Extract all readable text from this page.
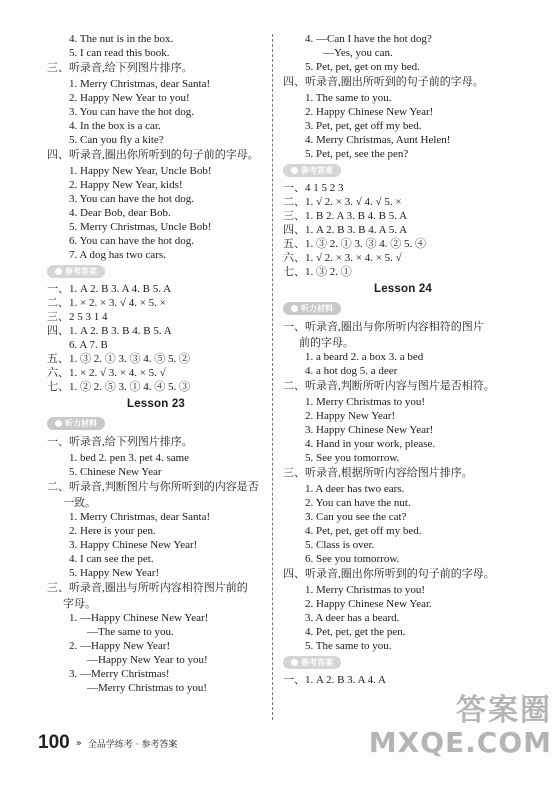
4. The nut is in the box.
5. I can read this book.
三、听录音,给下列图片排序。
1. Merry Christmas, dear Santa!
2. Happy New Year to you!
3. You can have the hot dog.
4. In the box is a car.
5. Can you fly a kite?
四、听录音,圈出你所听到的句子前的字母。
1. Happy New Year, Uncle Bob!
2. Happy New Year, kids!
3. You can have the hot dog.
4. Dear Bob, dear Bob.
5. Merry Christmas, Uncle Bob!
6. You can have the hot dog.
7. A dog has two cars.
参考答案
一、1. A 2. B 3. A 4. B 5. A
二、1. × 2. × 3. √ 4. × 5. ×
三、2 5 3 1 4
四、1. A 2. B 3. B 4. B 5. A
6. A 7. B
五、1. ③ 2. ① 3. ③ 4. ⑤ 5. ②
六、1. × 2. √ 3. × 4. × 5. √
七、1. ② 2. ⑤ 3. ① 4. ④ 5. ③
Lesson 23
听力材料
一、听录音,给下列图片排序。
1. bed 2. pen 3. pet 4. same
5. Chinese New Year
二、听录音,判断图片与你所听到的内容是否
一致。
1. Merry Christmas, dear Santa!
2. Here is your pen.
3. Happy Chinese New Year!
4. I can see the pet.
5. Happy New Year!
三、听录音,圈出与所听内容相符图片前的
字母。
1. —Happy Chinese New Year!
—The same to you.
2. —Happy New Year!
—Happy New Year to you!
3. —Merry Christmas!
—Merry Christmas to you!
4. —Can I have the hot dog?
—Yes, you can.
5. Pet, pet, get on my bed.
四、听录音,圈出所听到的句子前的字母。
1. The same to you.
2. Happy Chinese New Year!
3. Pet, pet, get off my bed.
4. Merry Christmas, Aunt Helen!
5. Pet, pet, see the pen?
参考答案
一、4 1 5 2 3
二、1. √ 2. × 3. √ 4. √ 5. ×
三、1. B 2. A 3. B 4. B 5. A
四、1. A 2. B 3. B 4. A 5. A
五、1. ③ 2. ① 3. ③ 4. ② 5. ④
六、1. √ 2. × 3. × 4. × 5. √
七、1. ③ 2. ①
Lesson 24
听力材料
一、听录音,圈出与你所听内容相符的图片
前的字母。
1. a beard 2. a box 3. a bed
4. a hot dog 5. a deer
二、听录音,判断所听内容与图片是否相符。
1. Merry Christmas to you!
2. Happy New Year!
3. Happy Chinese New Year!
4. Hand in your work, please.
5. See you tomorrow.
三、听录音,根据所听内容给图片排序。
1. A deer has two ears.
2. You can have the nut.
3. Can you see the cat?
4. Pet, pet, get off my bed.
5. Class is over.
6. See you tomorrow.
四、听录音,圈出你所听到的句子前的字母。
1. Merry Christmas to you!
2. Happy Chinese New Year.
3. A deer has a beard.
4. Pet, pet, get the pen.
5. The same to you.
参考答案
一、1. A 2. B 3. A 4. A
100 » 全品学练考 · 参考答案
答案圈
MXQE.COM
